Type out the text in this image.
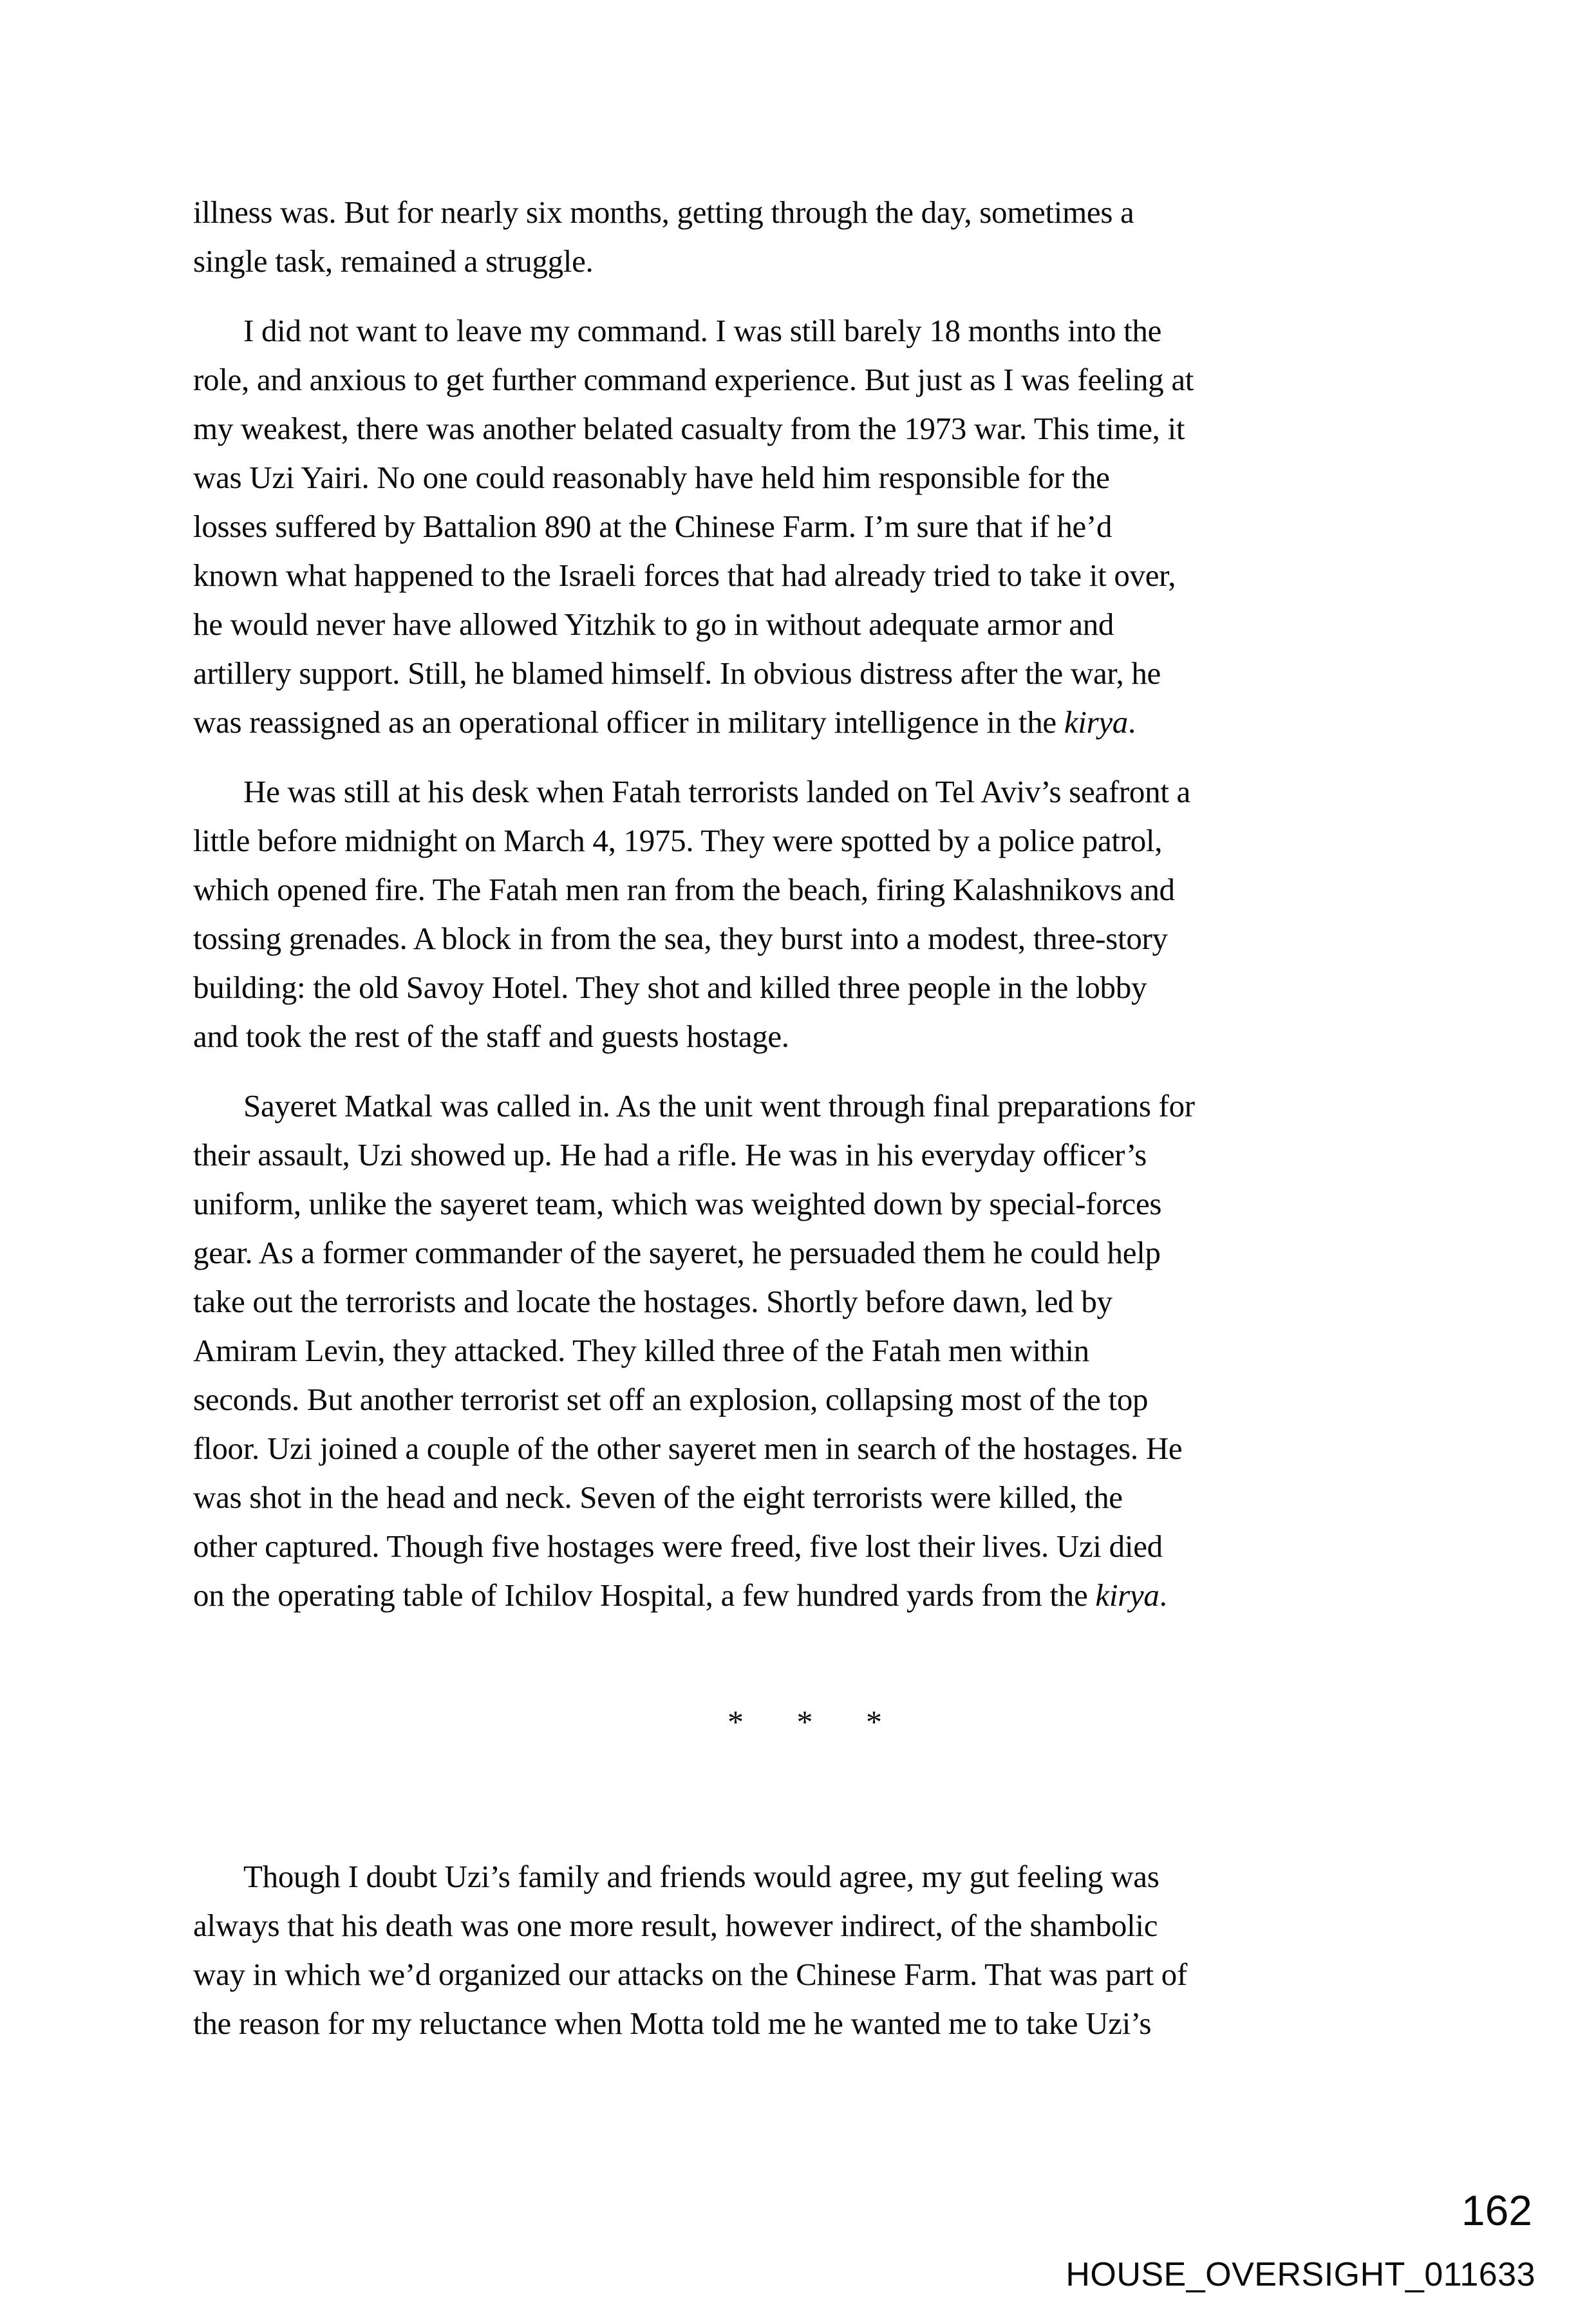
illness was. But for nearly six months, getting through the day, sometimes a
single task, remained a struggle.

I did not want to leave my command. I was still barely 18 months into the
role, and anxious to get further command experience. But just as I was feeling at
my weakest, there was another belated casualty from the 1973 war. This time, it
was Uzi Yairi. No one could reasonably have held him responsible for the
losses suffered by Battalion 890 at the Chinese Farm. I’m sure that if he’d
known what happened to the Israeli forces that had already tried to take it over,
he would never have allowed Yitzhik to go in without adequate armor and
artillery support. Still, he blamed himself. In obvious distress after the war, he
was reassigned as an operational officer in military intelligence in the kirya.

He was still at his desk when Fatah terrorists landed on Tel Aviv’s seafront a
little before midnight on March 4, 1975. They were spotted by a police patrol,
which opened fire. The Fatah men ran from the beach, firing Kalashnikovs and
tossing grenades. A block in from the sea, they burst into a modest, three-story
building: the old Savoy Hotel. They shot and killed three people in the lobby
and took the rest of the staff and guests hostage.

Sayeret Matkal was called in. As the unit went through final preparations for
their assault, Uzi showed up. He had a rifle. He was in his everyday officer’s
uniform, unlike the sayeret team, which was weighted down by special-forces
gear. As a former commander of the sayeret, he persuaded them he could help
take out the terrorists and locate the hostages. Shortly before dawn, led by
Amiram Levin, they attacked. They killed three of the Fatah men within
seconds. But another terrorist set off an explosion, collapsing most of the top
floor. Uzi joined a couple of the other sayeret men in search of the hostages. He
was shot in the head and neck. Seven of the eight terrorists were killed, the
other captured. Though five hostages were freed, five lost their lives. Uzi died
on the operating table of Ichilov Hospital, a few hundred yards from the kirya.

* * *

Though I doubt Uzi’s family and friends would agree, my gut feeling was
always that his death was one more result, however indirect, of the shambolic
way in which we’d organized our attacks on the Chinese Farm. That was part of
the reason for my reluctance when Motta told me he wanted me to take Uzi’s

162
HOUSE_OVERSIGHT_011633
